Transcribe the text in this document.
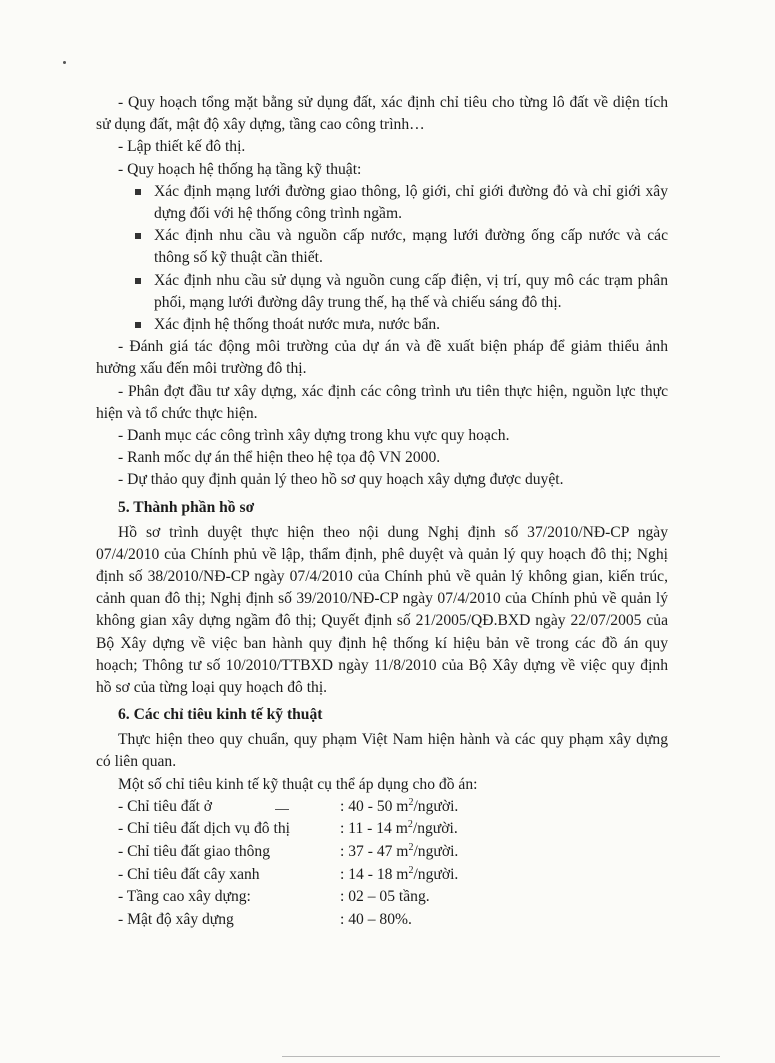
- Quy hoạch tổng mặt bằng sử dụng đất, xác định chỉ tiêu cho từng lô đất về diện tích sử dụng đất, mật độ xây dựng, tầng cao công trình…

- Lập thiết kế đô thị.

- Quy hoạch hệ thống hạ tầng kỹ thuật:

Xác định mạng lưới đường giao thông, lộ giới, chỉ giới đường đỏ và chỉ giới xây dựng đối với hệ thống công trình ngầm.
Xác định nhu cầu và nguồn cấp nước, mạng lưới đường ống cấp nước và các thông số kỹ thuật cần thiết.
Xác định nhu cầu sử dụng và nguồn cung cấp điện, vị trí, quy mô các trạm phân phối, mạng lưới đường dây trung thế, hạ thế và chiếu sáng đô thị.
Xác định hệ thống thoát nước mưa, nước bẩn.

- Đánh giá tác động môi trường của dự án và đề xuất biện pháp để giảm thiểu ảnh hưởng xấu đến môi trường đô thị.

- Phân đợt đầu tư xây dựng, xác định các công trình ưu tiên thực hiện, nguồn lực thực hiện và tổ chức thực hiện.

- Danh mục các công trình xây dựng trong khu vực quy hoạch.

- Ranh mốc dự án thể hiện theo hệ tọa độ VN 2000.

- Dự thảo quy định quản lý theo hồ sơ quy hoạch xây dựng được duyệt.

5. Thành phần hồ sơ

Hồ sơ trình duyệt thực hiện theo nội dung Nghị định số 37/2010/NĐ-CP ngày 07/4/2010 của Chính phủ về lập, thẩm định, phê duyệt và quản lý quy hoạch đô thị; Nghị định số 38/2010/NĐ-CP ngày 07/4/2010 của Chính phủ về quản lý không gian, kiến trúc, cảnh quan đô thị; Nghị định số 39/2010/NĐ-CP ngày 07/4/2010 của Chính phủ về quản lý không gian xây dựng ngầm đô thị; Quyết định số 21/2005/QĐ.BXD ngày 22/07/2005 của Bộ Xây dựng về việc ban hành quy định hệ thống kí hiệu bản vẽ trong các đồ án quy hoạch; Thông tư số 10/2010/TTBXD ngày 11/8/2010 của Bộ Xây dựng về việc quy định hồ sơ của từng loại quy hoạch đô thị.

6. Các chỉ tiêu kinh tế kỹ thuật

Thực hiện theo quy chuẩn, quy phạm Việt Nam hiện hành và các quy phạm xây dựng có liên quan.

Một số chỉ tiêu kinh tế kỹ thuật cụ thể áp dụng cho đồ án:

- Chỉ tiêu đất ở	: 40 - 50 $m^2$/người.
- Chỉ tiêu đất dịch vụ đô thị	: 11 - 14 $m^2$/người.
- Chỉ tiêu đất giao thông	: 37 - 47 $m^2$/người.
- Chỉ tiêu đất cây xanh	: 14 - 18 $m^2$/người.
- Tầng cao xây dựng:	: 02 – 05 tầng.
- Mật độ xây dựng	: 40 – 80%.
